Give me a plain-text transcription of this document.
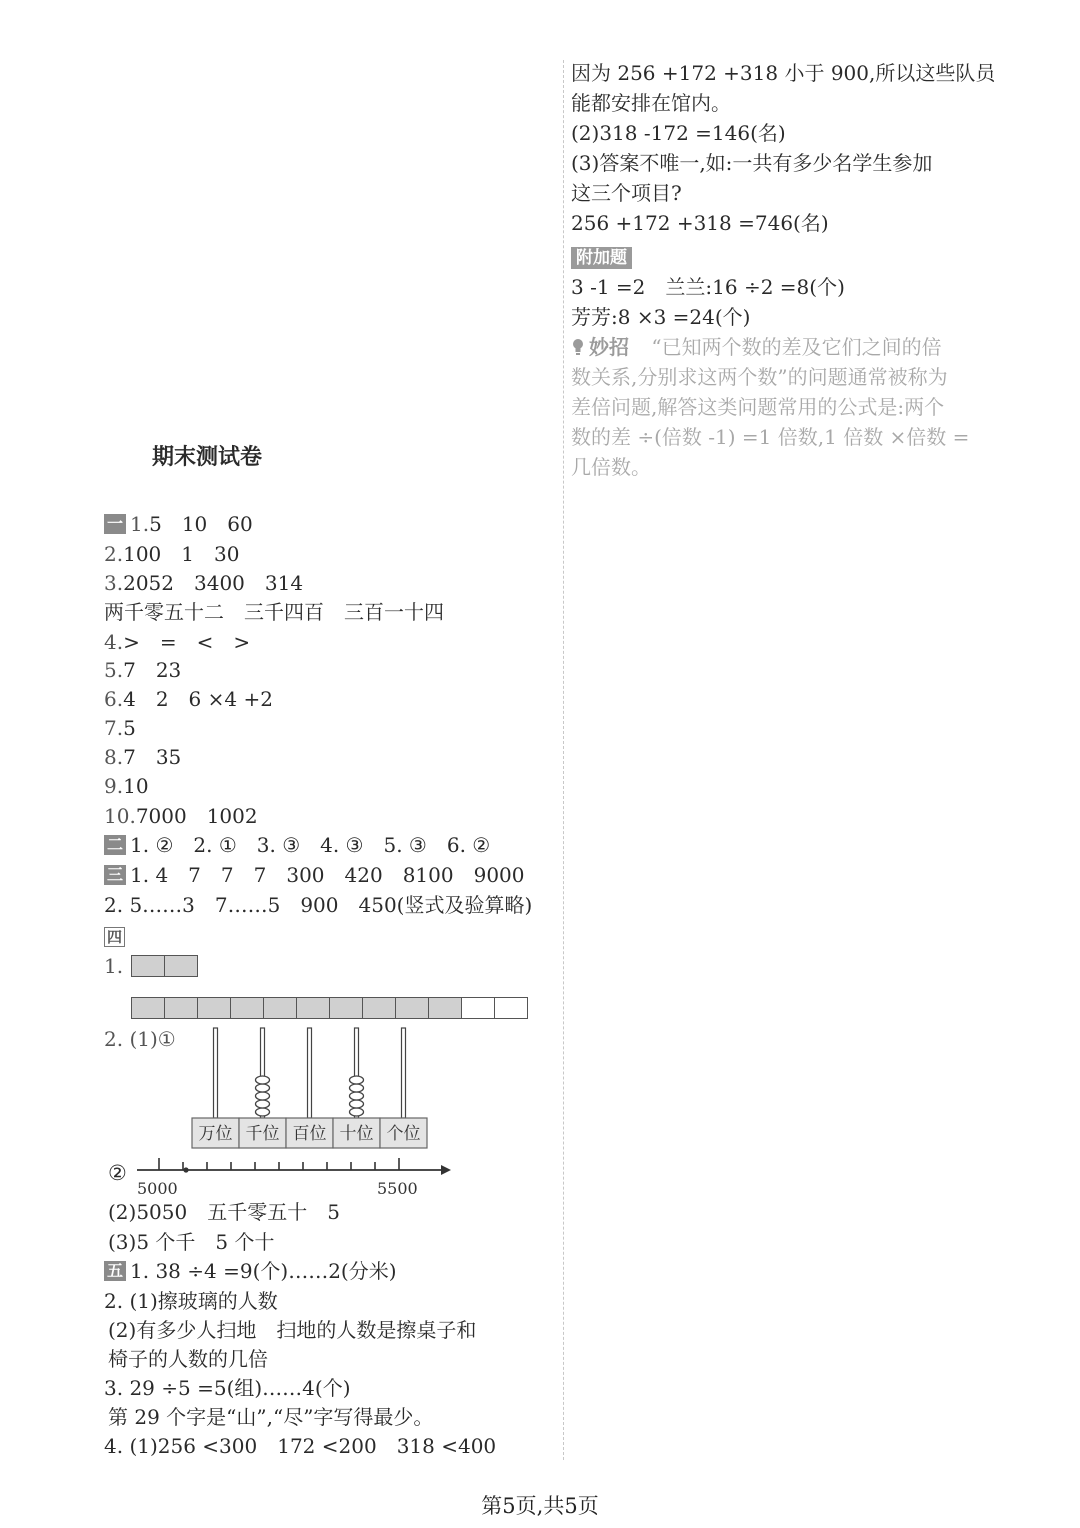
因为 256 +172 +318 小于 900,所以这些队员
能都安排在馆内。
(2)318 -172 =146(名)
(3)答案不唯一,如:一共有多少名学生参加
这三个项目?
256 +172 +318 =746(名)
附加题
3 -1 =2　兰兰:16 ÷2 =8(个)
芳芳:8 ×3 =24(个)
妙招 “已知两个数的差及它们之间的倍
数关系,分别求这两个数”的问题通常被称为
差倍问题,解答这类问题常用的公式是:两个
数的差 ÷(倍数 -1) =1 倍数,1 倍数 ×倍数 =
几倍数。
期末测试卷
一 1.5　10　60
2.100　1　30
3.2052　3400　314
两千零五十二　三千四百　三百一十四
4.>　=　<　>
5.7　23
6.4　2　6 ×4 +2
7.5
8.7　35
9.10
10.7000　1002
二 1. ②　2. ①　3. ③　4. ③　5. ③　6. ②
三 1. 4　7　7　7　300　420　8100　9000
2. 5……3　7……5　900　450(竖式及验算略)
四
1.
2. (1)①
万位 千位 百位 十位 个位
②
5000	5500
(2)5050　五千零五十　5
(3)5 个千　5 个十
五 1. 38 ÷4 =9(个)……2(分米)
2. (1)擦玻璃的人数
(2)有多少人扫地　扫地的人数是擦桌子和
椅子的人数的几倍
3. 29 ÷5 =5(组)……4(个)
第 29 个字是“山”,“尽”字写得最少。
4. (1)256 <300　172 <200　318 <400
第5页,共5页
